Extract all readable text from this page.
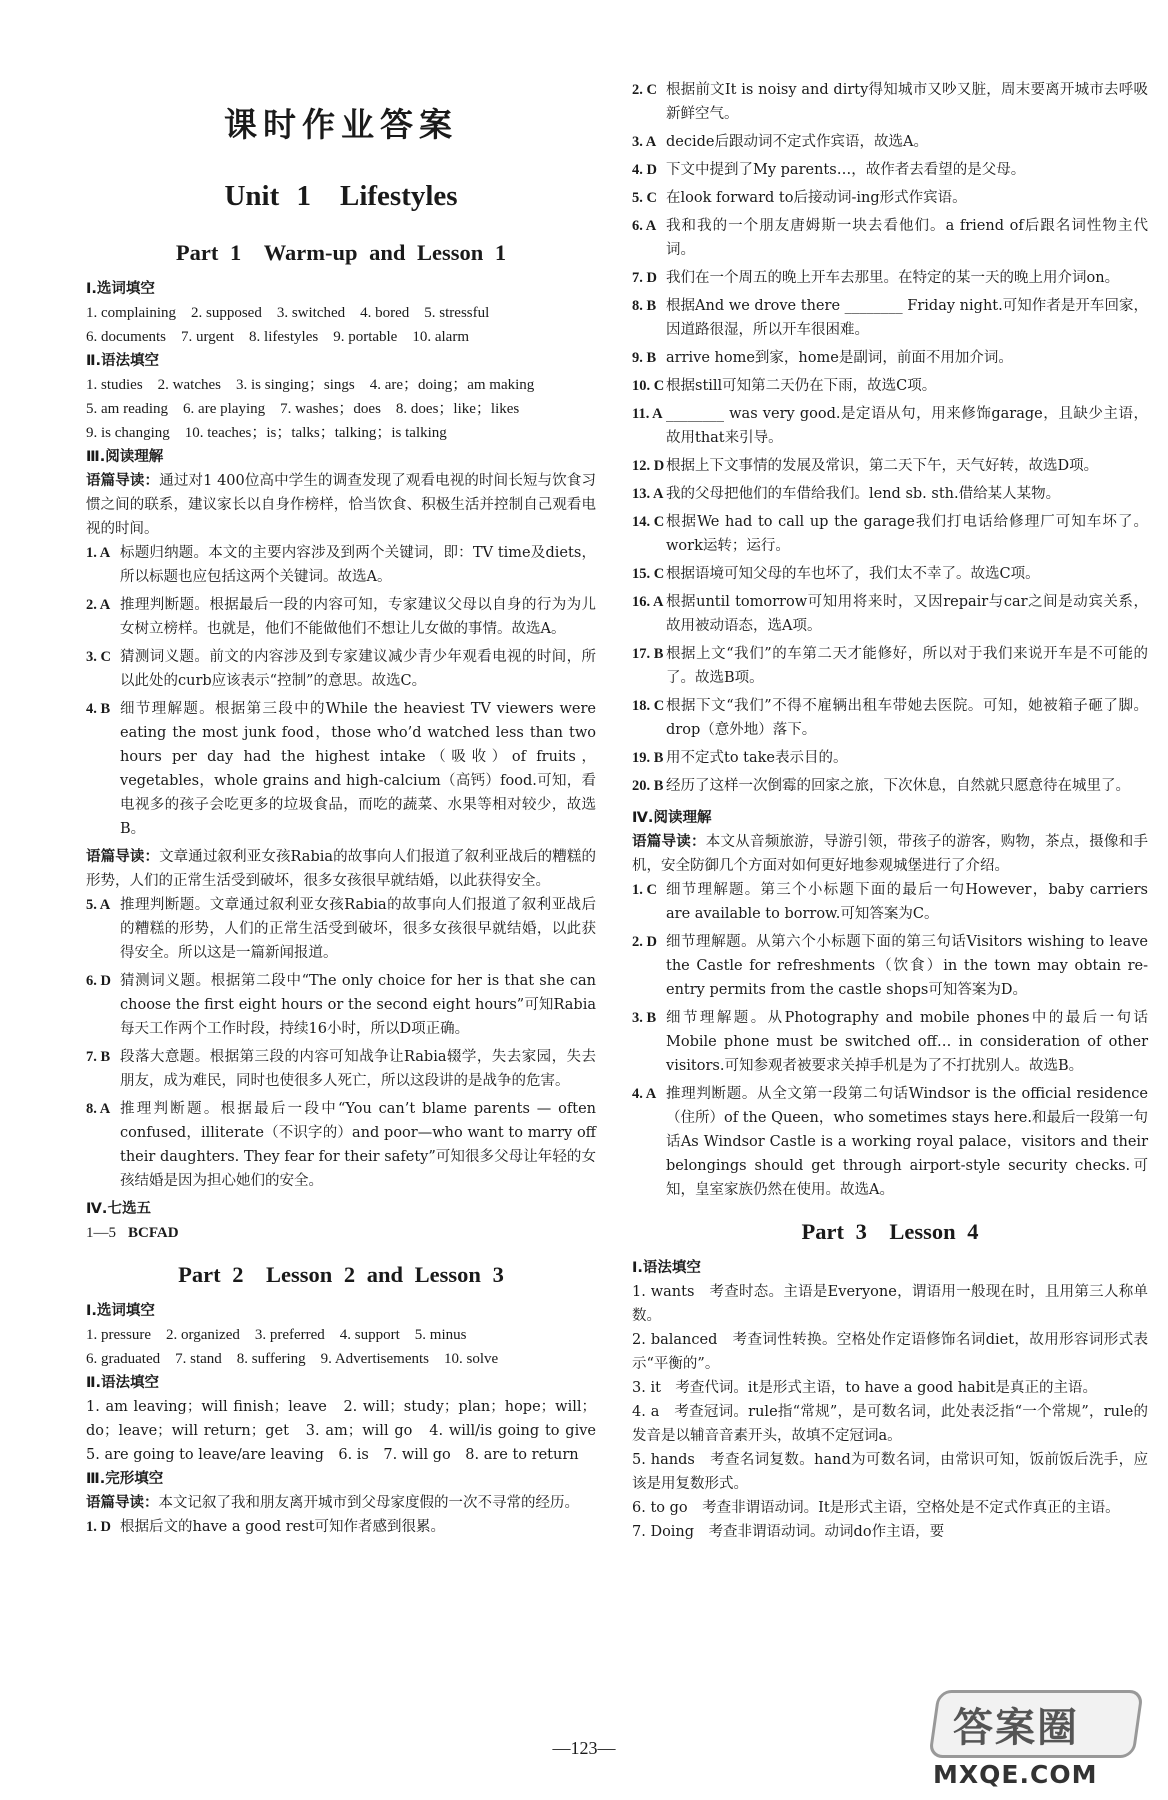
课时作业答案
Unit 1　Lifestyles
Part 1　Warm-up and Lesson 1
Ⅰ.选词填空
1. complaining　2. supposed　3. switched　4. bored　5. stressful
6. documents　7. urgent　8. lifestyles　9. portable　10. alarm
Ⅱ.语法填空
1. studies　2. watches　3. is singing；sings　4. are；doing；am making
5. am reading　6. are playing　7. washes；does　8. does；like；likes
9. is changing　10. teaches；is；talks；talking；is talking
Ⅲ.阅读理解
语篇导读：通过对1 400位高中学生的调查发现了观看电视的时间长短与饮食习惯之间的联系，建议家长以自身作榜样，恰当饮食、积极生活并控制自己观看电视的时间。
1. A 标题归纳题。本文的主要内容涉及到两个关键词，即：TV time及diets，所以标题也应包括这两个关键词。故选A。
2. A 推理判断题。根据最后一段的内容可知，专家建议父母以自身的行为为儿女树立榜样。也就是，他们不能做他们不想让儿女做的事情。故选A。
3. C 猜测词义题。前文的内容涉及到专家建议减少青少年观看电视的时间，所以此处的curb应该表示“控制”的意思。故选C。
4. B 细节理解题。根据第三段中的While the heaviest TV viewers were eating the most junk food，those who’d watched less than two hours per day had the highest intake（吸收）of fruits，vegetables，whole grains and high-calcium（高钙）food.可知，看电视多的孩子会吃更多的垃圾食品，而吃的蔬菜、水果等相对较少，故选B。
语篇导读：文章通过叙利亚女孩Rabia的故事向人们报道了叙利亚战后的糟糕的形势，人们的正常生活受到破坏，很多女孩很早就结婚，以此获得安全。
5. A 推理判断题。文章通过叙利亚女孩Rabia的故事向人们报道了叙利亚战后的糟糕的形势，人们的正常生活受到破坏，很多女孩很早就结婚，以此获得安全。所以这是一篇新闻报道。
6. D 猜测词义题。根据第二段中“The only choice for her is that she can choose the first eight hours or the second eight hours”可知Rabia每天工作两个工作时段，持续16小时，所以D项正确。
7. B 段落大意题。根据第三段的内容可知战争让Rabia辍学，失去家园，失去朋友，成为难民，同时也使很多人死亡，所以这段讲的是战争的危害。
8. A 推理判断题。根据最后一段中“You can’t blame parents — often confused，illiterate（不识字的）and poor—who want to marry off their daughters. They fear for their safety”可知很多父母让年轻的女孩结婚是因为担心她们的安全。
Ⅳ.七选五
1—5 BCFAD
Part 2　Lesson 2 and Lesson 3
Ⅰ.选词填空
1. pressure　2. organized　3. preferred　4. support　5. minus
6. graduated　7. stand　8. suffering　9. Advertisements　10. solve
Ⅱ.语法填空
1. am leaving；will finish；leave　2. will；study；plan；hope；will；do；leave；will return；get　3. am；will go　4. will/is going to give　5. are going to leave/are leaving　6. is　7. will go　8. are to return
Ⅲ.完形填空
语篇导读：本文记叙了我和朋友离开城市到父母家度假的一次不寻常的经历。
1. D 根据后文的have a good rest可知作者感到很累。
2. C 根据前文It is noisy and dirty得知城市又吵又脏，周末要离开城市去呼吸新鲜空气。
3. A decide后跟动词不定式作宾语，故选A。
4. D 下文中提到了My parents…，故作者去看望的是父母。
5. C 在look forward to后接动词-ing形式作宾语。
6. A 我和我的一个朋友唐姆斯一块去看他们。a friend of后跟名词性物主代词。
7. D 我们在一个周五的晚上开车去那里。在特定的某一天的晚上用介词on。
8. B 根据And we drove there ________ Friday night.可知作者是开车回家，因道路很湿，所以开车很困难。
9. B arrive home到家，home是副词，前面不用加介词。
10. C 根据still可知第二天仍在下雨，故选C项。
11. A ________ was very good.是定语从句，用来修饰garage，且缺少主语，故用that来引导。
12. D 根据上下文事情的发展及常识，第二天下午，天气好转，故选D项。
13. A 我的父母把他们的车借给我们。lend sb. sth.借给某人某物。
14. C 根据We had to call up the garage我们打电话给修理厂可知车坏了。work运转；运行。
15. C 根据语境可知父母的车也坏了，我们太不幸了。故选C项。
16. A 根据until tomorrow可知用将来时，又因repair与car之间是动宾关系，故用被动语态，选A项。
17. B 根据上文“我们”的车第二天才能修好，所以对于我们来说开车是不可能的了。故选B项。
18. C 根据下文“我们”不得不雇辆出租车带她去医院。可知，她被箱子砸了脚。drop（意外地）落下。
19. B 用不定式to take表示目的。
20. B 经历了这样一次倒霉的回家之旅，下次休息，自然就只愿意待在城里了。
Ⅳ.阅读理解
语篇导读：本文从音频旅游，导游引领，带孩子的游客，购物，茶点，摄像和手机，安全防御几个方面对如何更好地参观城堡进行了介绍。
1. C 细节理解题。第三个小标题下面的最后一句However，baby carriers are available to borrow.可知答案为C。
2. D 细节理解题。从第六个小标题下面的第三句话Visitors wishing to leave the Castle for refreshments（饮食）in the town may obtain re-entry permits from the castle shops可知答案为D。
3. B 细节理解题。从Photography and mobile phones中的最后一句话Mobile phone must be switched off… in consideration of other visitors.可知参观者被要求关掉手机是为了不打扰别人。故选B。
4. A 推理判断题。从全文第一段第二句话Windsor is the official residence（住所）of the Queen，who sometimes stays here.和最后一段第一句话As Windsor Castle is a working royal palace，visitors and their belongings should get through airport-style security checks.可知，皇室家族仍然在使用。故选A。
Part 3　Lesson 4
Ⅰ.语法填空
1. wants　 考查时态。主语是Everyone，谓语用一般现在时，且用第三人称单数。
2. balanced　 考查词性转换。空格处作定语修饰名词diet，故用形容词形式表示“平衡的”。
3. it　 考查代词。it是形式主语，to have a good habit是真正的主语。
4. a　 考查冠词。rule指“常规”，是可数名词，此处表泛指“一个常规”，rule的发音是以辅音音素开头，故填不定冠词a。
5. hands　 考查名词复数。hand为可数名词，由常识可知，饭前饭后洗手，应该是用复数形式。
6. to go　 考查非谓语动词。It是形式主语，空格处是不定式作真正的主语。
7. Doing　 考查非谓语动词。动词do作主语，要
—123—	答案圈
MXQE.COM
